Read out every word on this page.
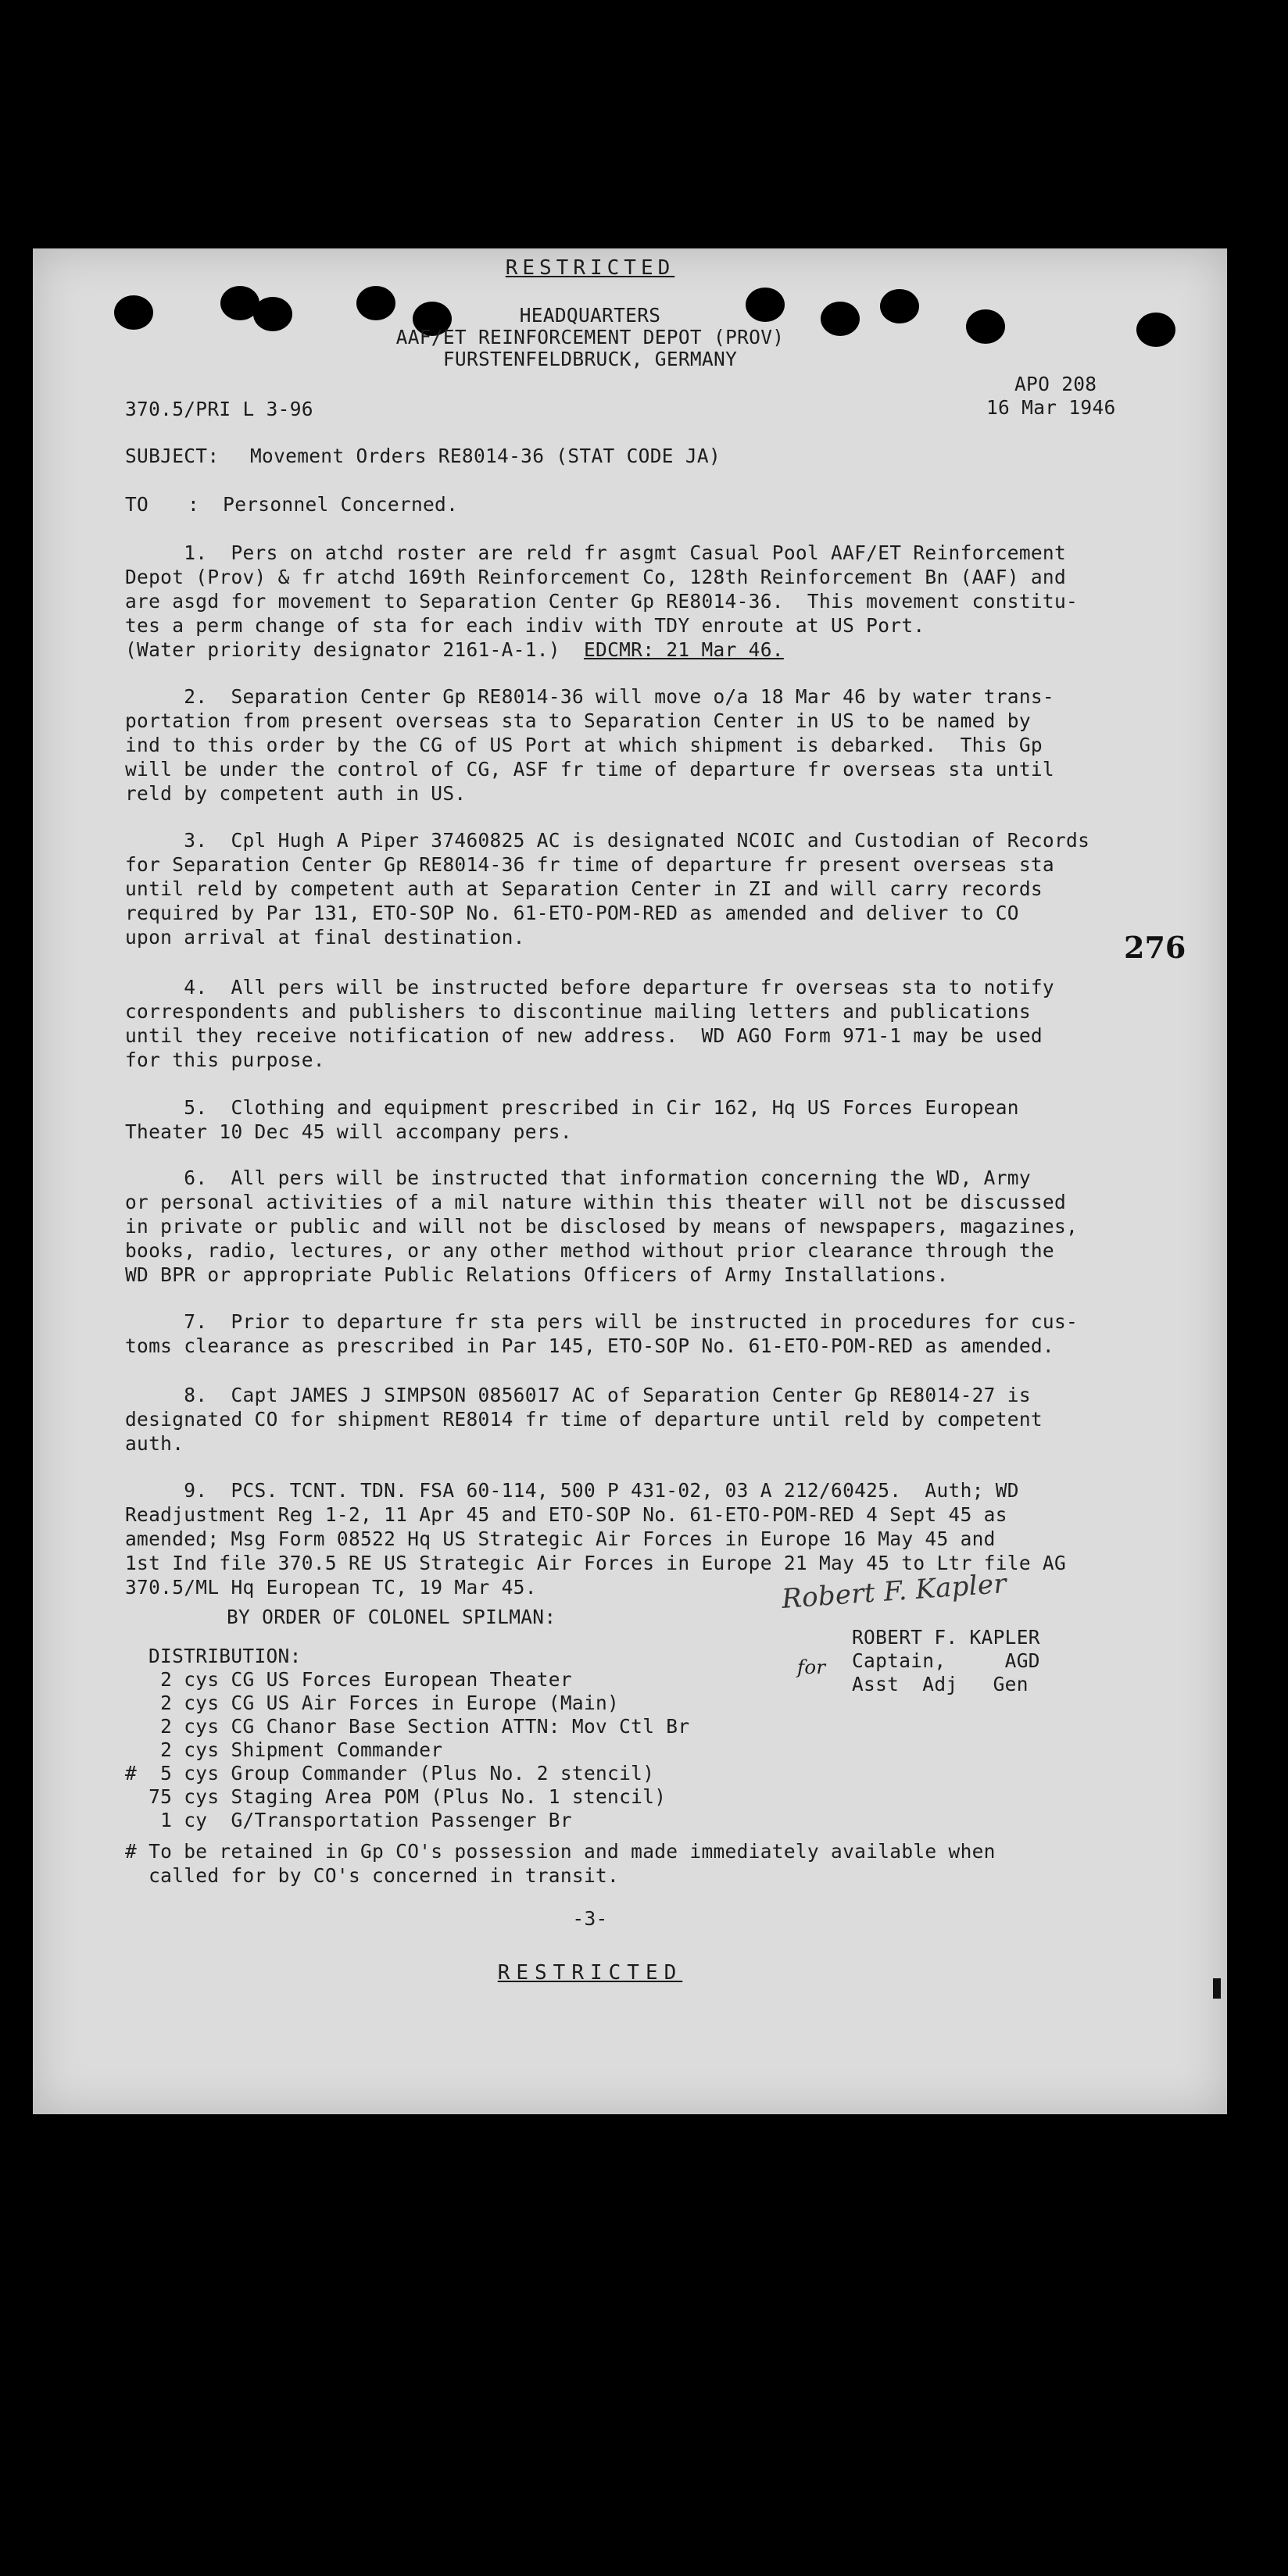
RESTRICTED
HEADQUARTERS
AAF/ET REINFORCEMENT DEPOT (PROV)
FURSTENFELDBRUCK, GERMANY
APO 208
370.5/PRI L 3-96	16 Mar 1946
SUBJECT: Movement Orders RE8014-36 (STAT CODE JA)
TO :  Personnel Concerned.
1.  Pers on atchd roster are reld fr asgmt Casual Pool AAF/ET Reinforcement
Depot (Prov) & fr atchd 169th Reinforcement Co, 128th Reinforcement Bn (AAF) and
are asgd for movement to Separation Center Gp RE8014-36.  This movement constitu-
tes a perm change of sta for each indiv with TDY enroute at US Port.
(Water priority designator 2161-A-1.)  EDCMR: 21 Mar 46.
2.  Separation Center Gp RE8014-36 will move o/a 18 Mar 46 by water trans-
portation from present overseas sta to Separation Center in US to be named by
ind to this order by the CG of US Port at which shipment is debarked.  This Gp
will be under the control of CG, ASF fr time of departure fr overseas sta until
reld by competent auth in US.
3.  Cpl Hugh A Piper 37460825 AC is designated NCOIC and Custodian of Records
for Separation Center Gp RE8014-36 fr time of departure fr present overseas sta
until reld by competent auth at Separation Center in ZI and will carry records
required by Par 131, ETO-SOP No. 61-ETO-POM-RED as amended and deliver to CO
upon arrival at final destination.
4.  All pers will be instructed before departure fr overseas sta to notify
correspondents and publishers to discontinue mailing letters and publications
until they receive notification of new address.  WD AGO Form 971-1 may be used
for this purpose.
5.  Clothing and equipment prescribed in Cir 162, Hq US Forces European
Theater 10 Dec 45 will accompany pers.
6.  All pers will be instructed that information concerning the WD, Army
or personal activities of a mil nature within this theater will not be discussed
in private or public and will not be disclosed by means of newspapers, magazines,
books, radio, lectures, or any other method without prior clearance through the
WD BPR or appropriate Public Relations Officers of Army Installations.
7.  Prior to departure fr sta pers will be instructed in procedures for cus-
toms clearance as prescribed in Par 145, ETO-SOP No. 61-ETO-POM-RED as amended.
8.  Capt JAMES J SIMPSON 0856017 AC of Separation Center Gp RE8014-27 is
designated CO for shipment RE8014 fr time of departure until reld by competent
auth.
9.  PCS. TCNT. TDN. FSA 60-114, 500 P 431-02, 03 A 212/60425.  Auth; WD
Readjustment Reg 1-2, 11 Apr 45 and ETO-SOP No. 61-ETO-POM-RED 4 Sept 45 as
amended; Msg Form 08522 Hq US Strategic Air Forces in Europe 16 May 45 and
1st Ind file 370.5 RE US Strategic Air Forces in Europe 21 May 45 to Ltr file AG
370.5/ML Hq European TC, 19 Mar 45.
BY ORDER OF COLONEL SPILMAN:
Robert F. Kapler
for
ROBERT F. KAPLER
Captain,     AGD
Asst  Adj   Gen
DISTRIBUTION:
2 cys CG US Forces European Theater
2 cys CG US Air Forces in Europe (Main)
2 cys CG Chanor Base Section ATTN: Mov Ctl Br
2 cys Shipment Commander
#  5 cys Group Commander (Plus No. 2 stencil)
75 cys Staging Area POM (Plus No. 1 stencil)
1 cy  G/Transportation Passenger Br
# To be retained in Gp CO's possession and made immediately available when
called for by CO's concerned in transit.
-3-
RESTRICTED
276
